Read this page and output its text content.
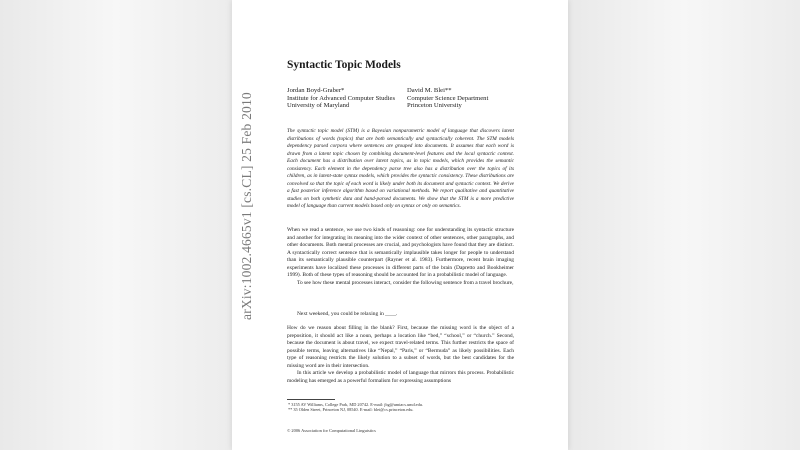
arXiv:1002.4665v1 [cs.CL] 25 Feb 2010
Syntactic Topic Models
Jordan Boyd-Graber*
Institute for Advanced Computer Studies
University of Maryland
David M. Blei**
Computer Science Department
Princeton University
The syntactic topic model (STM) is a Bayesian nonparametric model of language that discovers latent distributions of words (topics) that are both semantically and syntactically coherent. The STM models dependency parsed corpora where sentences are grouped into documents. It assumes that each word is drawn from a latent topic chosen by combining document-level features and the local syntactic context. Each document has a distribution over latent topics, as in topic models, which provides the semantic consistency. Each element in the dependency parse tree also has a distribution over the topics of its children, as in latent-state syntax models, which provides the syntactic consistency. These distributions are convolved so that the topic of each word is likely under both its document and syntactic context. We derive a fast posterior inference algorithm based on variational methods. We report qualitative and quantitative studies on both synthetic data and hand-parsed documents. We show that the STM is a more predictive model of language than current models based only on syntax or only on semantics.

When we read a sentence, we use two kinds of reasoning: one for understanding its syntactic structure and another for integrating its meaning into the wider context of other sentences, other paragraphs, and other documents. Both mental processes are crucial, and psychologists have found that they are distinct. A syntactically correct sentence that is semantically implausible takes longer for people to understand than its semantically plausible counterpart (Rayner et al. 1983). Furthermore, recent brain imaging experiments have localized these processes in different parts of the brain (Dapretto and Bookheimer 1999). Both of these types of reasoning should be accounted for in a probabilistic model of language.

To see how these mental processes interact, consider the following sentence from a travel brochure,

Next weekend, you could be relaxing in ____.

How do we reason about filling in the blank? First, because the missing word is the object of a preposition, it should act like a noun, perhaps a location like “bed,” “school,” or “church.” Second, because the document is about travel, we expect travel-related terms. This further restricts the space of possible terms, leaving alternatives like “Nepal,” “Paris,” or “Bermuda” as likely possibilities. Each type of reasoning restricts the likely solution to a subset of words, but the best candidates for the missing word are in their intersection.

In this article we develop a probabilistic model of language that mirrors this process. Probabilistic modeling has emerged as a powerful formalism for expressing assumptions

* 3155 AV Williams, College Park, MD 20742. E-mail: jbg@umiacs.umd.edu.
** 35 Olden Street, Princeton NJ, 08540. E-mail: blei@cs.princeton.edu.
© 2006 Association for Computational Linguistics
